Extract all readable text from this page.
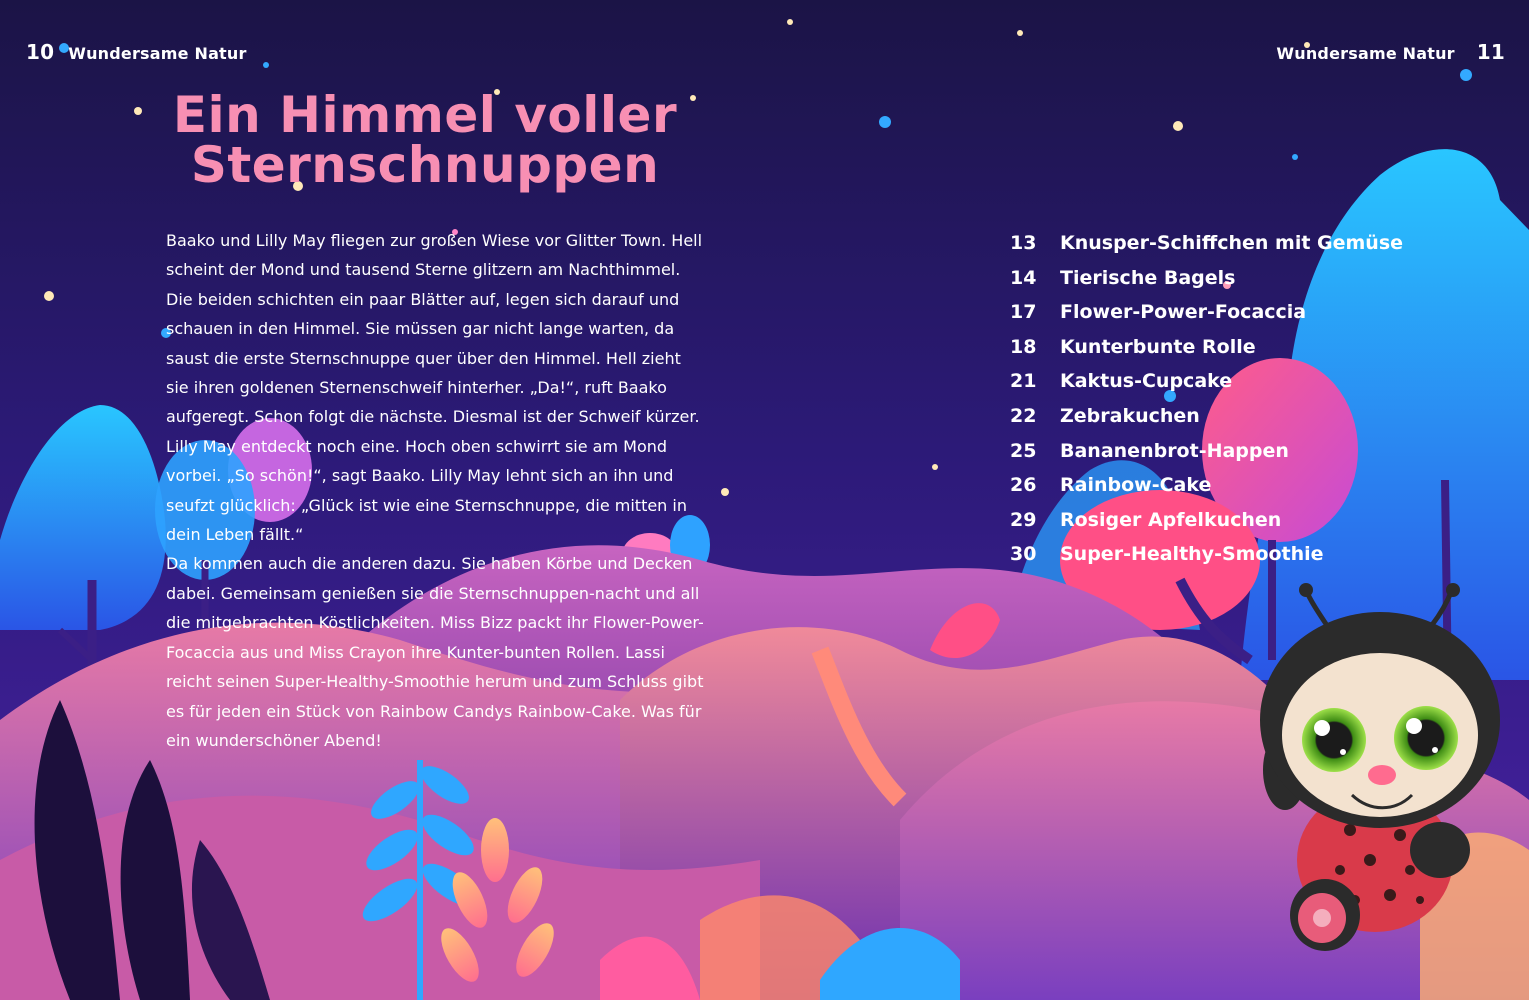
10 Wundersame Natur	Wundersame Natur 11
Ein Himmel voller
Sternschnuppen

Baako und Lilly May fliegen zur großen Wiese vor Glitter Town. Hell scheint der Mond und tausend Sterne glitzern am Nachthimmel. Die beiden schichten ein paar Blätter auf, legen sich darauf und schauen in den Himmel. Sie müssen gar nicht lange warten, da saust die erste Sternschnuppe quer über den Himmel. Hell zieht sie ihren goldenen Sternenschweif hinterher. „Da!“, ruft Baako aufgeregt. Schon folgt die nächste. Diesmal ist der Schweif kürzer. Lilly May entdeckt noch eine. Hoch oben schwirrt sie am Mond vorbei. „So schön!“, sagt Baako. Lilly May lehnt sich an ihn und seufzt glücklich: „Glück ist wie eine Sternschnuppe, die mitten in dein Leben fällt.“

Da kommen auch die anderen dazu. Sie haben Körbe und Decken dabei. Gemeinsam genießen sie die Sternschnuppen-nacht und all die mitgebrachten Köstlichkeiten. Miss Bizz packt ihr Flower-Power-Focaccia aus und Miss Crayon ihre Kunter-bunten Rollen. Lassi reicht seinen Super-Healthy-Smoothie herum und zum Schluss gibt es für jeden ein Stück von Rainbow Candys Rainbow-Cake. Was für ein wunderschöner Abend!

13	Knusper-Schiffchen mit Gemüse
14	Tierische Bagels
17	Flower-Power-Focaccia
18	Kunterbunte Rolle
21	Kaktus-Cupcake
22	Zebrakuchen
25	Bananenbrot-Happen
26	Rainbow-Cake
29	Rosiger Apfelkuchen
30	Super-Healthy-Smoothie
